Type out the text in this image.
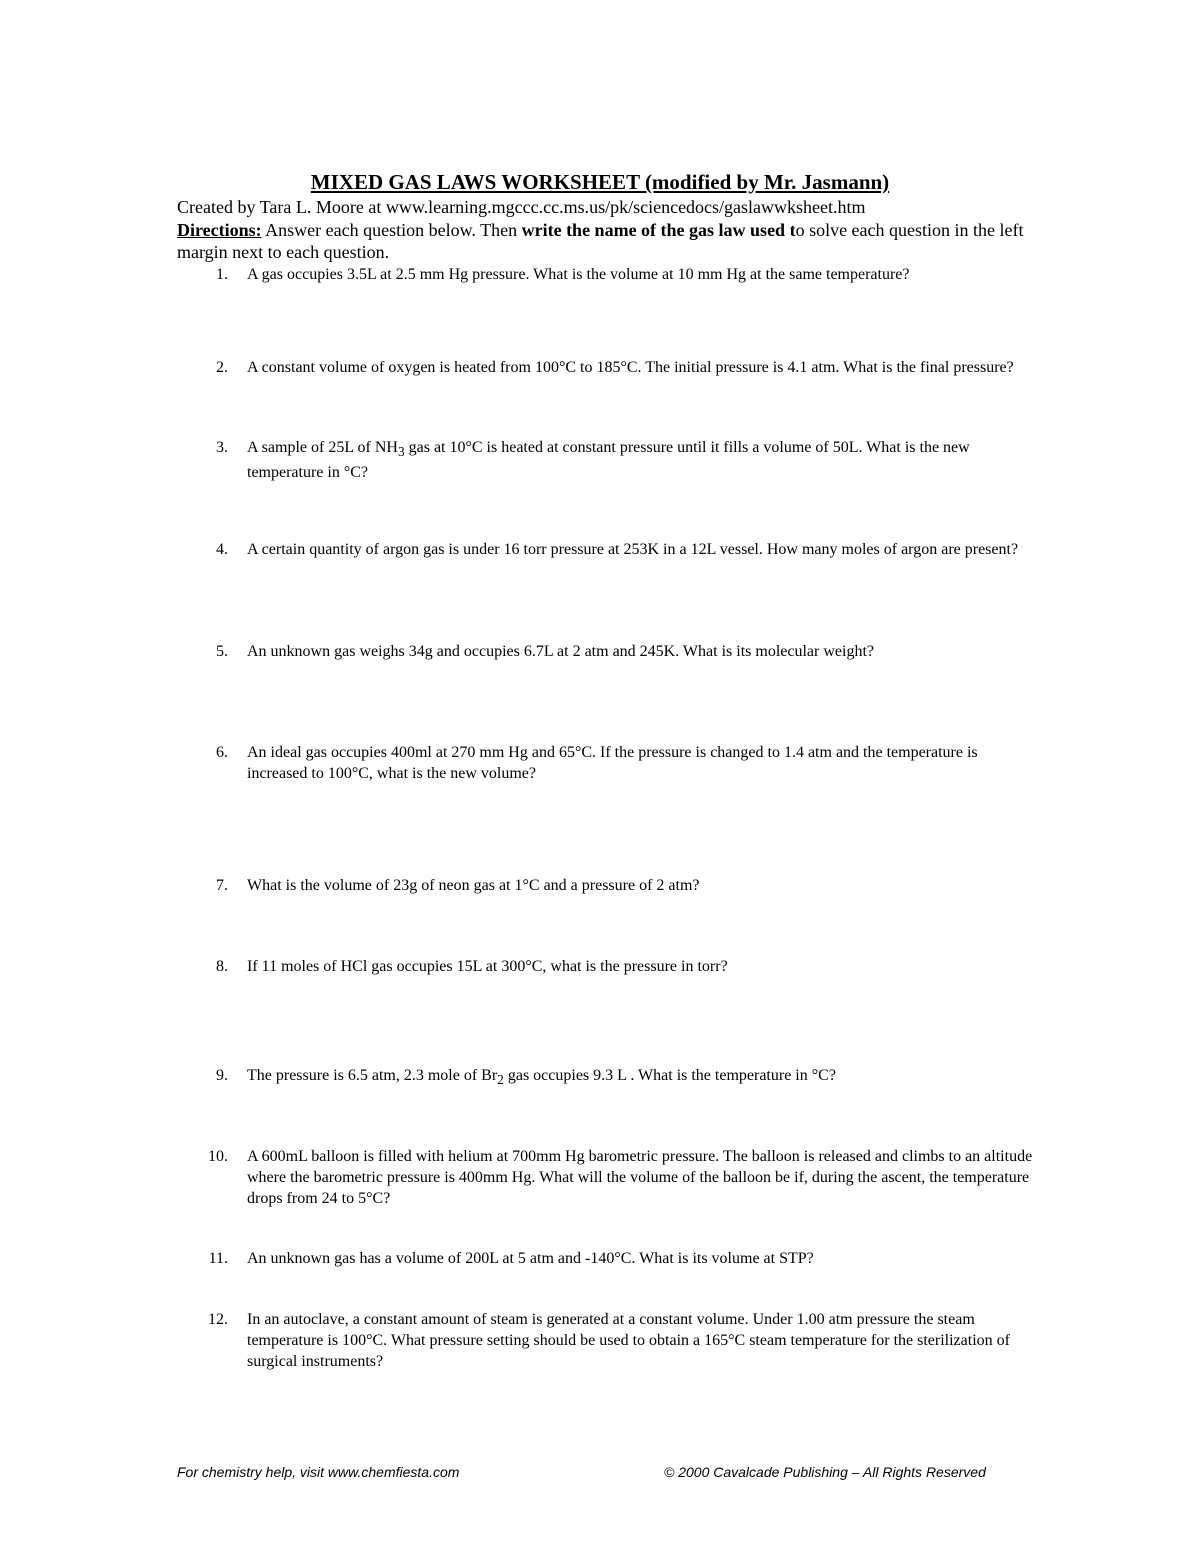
MIXED GAS LAWS WORKSHEET (modified by Mr. Jasmann)
Created by Tara L. Moore at www.learning.mgccc.cc.ms.us/pk/sciencedocs/gaslawwksheet.htm
Directions: Answer each question below. Then write the name of the gas law used to solve each question in the left margin next to each question.
1. A gas occupies 3.5L at 2.5 mm Hg pressure. What is the volume at 10 mm Hg at the same temperature?
2. A constant volume of oxygen is heated from 100°C to 185°C. The initial pressure is 4.1 atm. What is the final pressure?
3. A sample of 25L of $NH_3$ gas at 10°C is heated at constant pressure until it fills a volume of 50L. What is the new temperature in °C?
4. A certain quantity of argon gas is under 16 torr pressure at 253K in a 12L vessel. How many moles of argon are present?
5. An unknown gas weighs 34g and occupies 6.7L at 2 atm and 245K. What is its molecular weight?
6. An ideal gas occupies 400ml at 270 mm Hg and 65°C. If the pressure is changed to 1.4 atm and the temperature is increased to 100°C, what is the new volume?
7. What is the volume of 23g of neon gas at 1°C and a pressure of 2 atm?
8. If 11 moles of HCl gas occupies 15L at 300°C, what is the pressure in torr?
9. The pressure is 6.5 atm, 2.3 mole of $Br_2$ gas occupies 9.3 L . What is the temperature in °C?
10. A 600mL balloon is filled with helium at 700mm Hg barometric pressure. The balloon is released and climbs to an altitude where the barometric pressure is 400mm Hg. What will the volume of the balloon be if, during the ascent, the temperature drops from 24 to 5°C?
11. An unknown gas has a volume of 200L at 5 atm and -140°C. What is its volume at STP?
12. In an autoclave, a constant amount of steam is generated at a constant volume. Under 1.00 atm pressure the steam temperature is 100°C. What pressure setting should be used to obtain a 165°C steam temperature for the sterilization of surgical instruments?
For chemistry help, visit www.chemfiesta.com	© 2000 Cavalcade Publishing – All Rights Reserved
